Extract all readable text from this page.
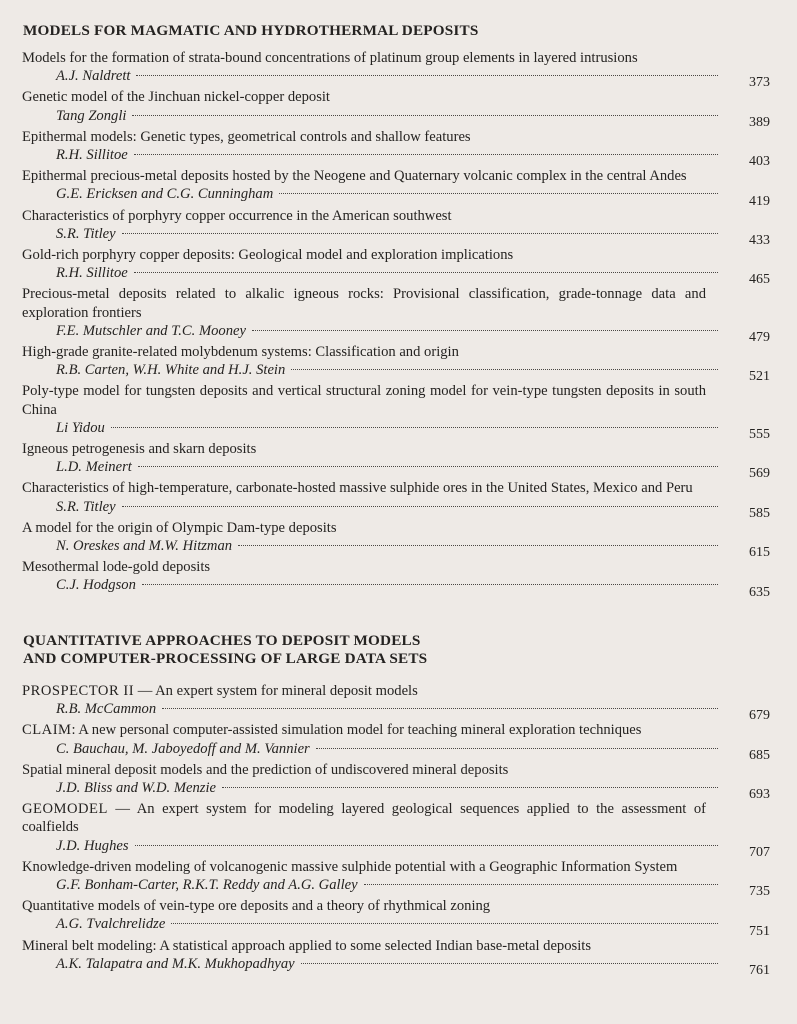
MODELS FOR MAGMATIC AND HYDROTHERMAL DEPOSITS
Models for the formation of strata-bound concentrations of platinum group elements in layered intrusions
A.J. Naldrett	373
Genetic model of the Jinchuan nickel-copper deposit
Tang Zongli	389
Epithermal models: Genetic types, geometrical controls and shallow features
R.H. Sillitoe	403
Epithermal precious-metal deposits hosted by the Neogene and Quaternary volcanic complex in the central Andes
G.E. Ericksen and C.G. Cunningham	419
Characteristics of porphyry copper occurrence in the American southwest
S.R. Titley	433
Gold-rich porphyry copper deposits: Geological model and exploration implications
R.H. Sillitoe	465
Precious-metal deposits related to alkalic igneous rocks: Provisional classification, grade-tonnage data and exploration frontiers
F.E. Mutschler and T.C. Mooney	479
High-grade granite-related molybdenum systems: Classification and origin
R.B. Carten, W.H. White and H.J. Stein	521
Poly-type model for tungsten deposits and vertical structural zoning model for vein-type tungsten deposits in south China
Li Yidou	555
Igneous petrogenesis and skarn deposits
L.D. Meinert	569
Characteristics of high-temperature, carbonate-hosted massive sulphide ores in the United States, Mexico and Peru
S.R. Titley	585
A model for the origin of Olympic Dam-type deposits
N. Oreskes and M.W. Hitzman	615
Mesothermal lode-gold deposits
C.J. Hodgson	635
QUANTITATIVE APPROACHES TO DEPOSIT MODELS
AND COMPUTER-PROCESSING OF LARGE DATA SETS
PROSPECTOR II — An expert system for mineral deposit models
R.B. McCammon	679
CLAIM: A new personal computer-assisted simulation model for teaching mineral exploration techniques
C. Bauchau, M. Jaboyedoff and M. Vannier	685
Spatial mineral deposit models and the prediction of undiscovered mineral deposits
J.D. Bliss and W.D. Menzie	693
GEOMODEL — An expert system for modeling layered geological sequences applied to the assessment of coalfields
J.D. Hughes	707
Knowledge-driven modeling of volcanogenic massive sulphide potential with a Geographic Information System
G.F. Bonham-Carter, R.K.T. Reddy and A.G. Galley	735
Quantitative models of vein-type ore deposits and a theory of rhythmical zoning
A.G. Tvalchrelidze	751
Mineral belt modeling: A statistical approach applied to some selected Indian base-metal deposits
A.K. Talapatra and M.K. Mukhopadhyay	761
